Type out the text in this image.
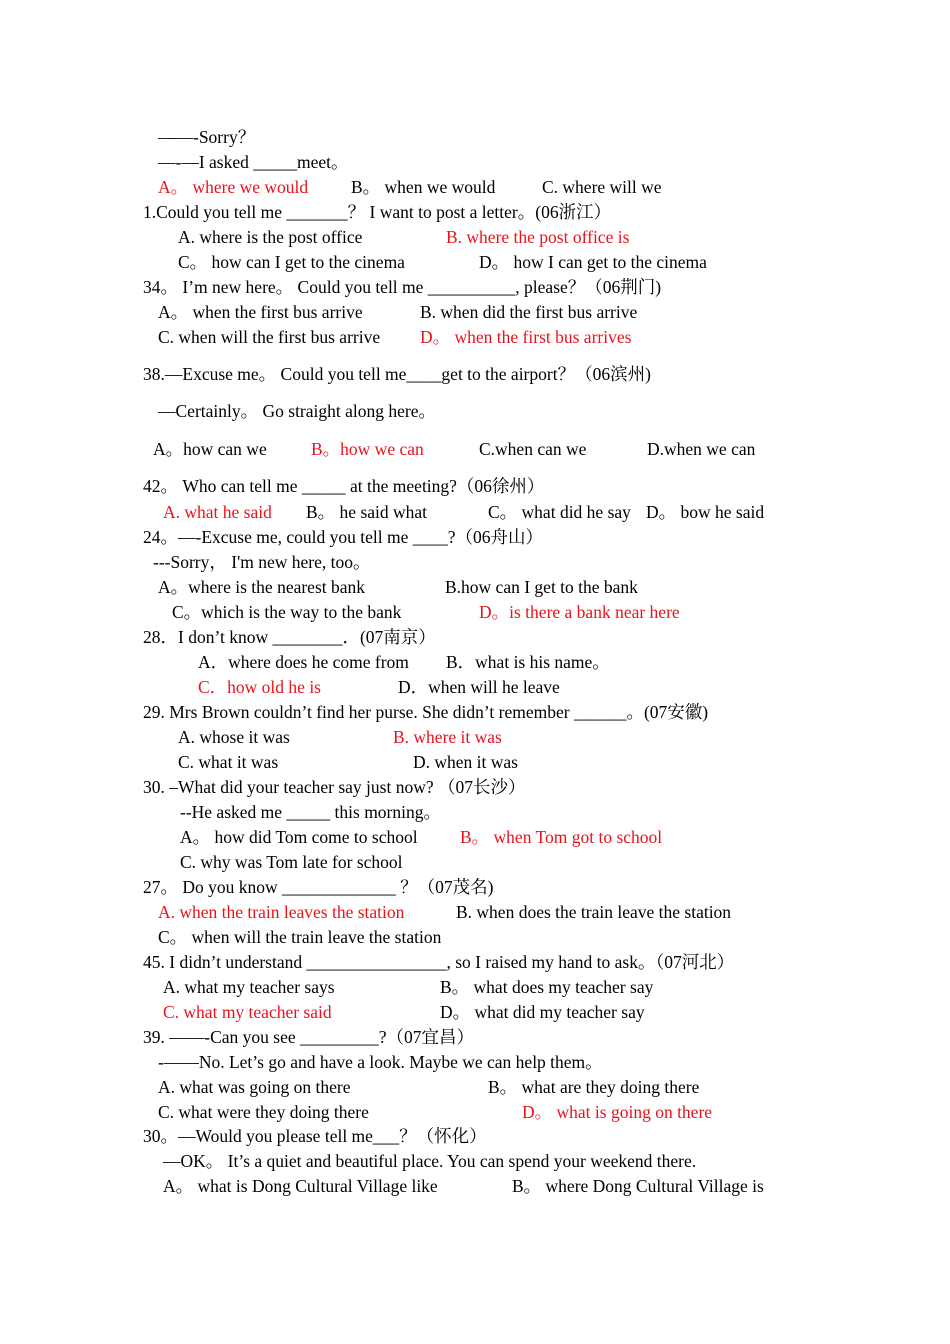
——-Sorry？
—-—I asked _____meet。

A。 where we would

B。 when we would

	C. where will we

1.Could you tell me _______？ I want to post a letter。(06浙江）

A. where is the post office

	B. where the post office is

C。 how can I get to the cinema

	D。 how I can get to the cinema

34。 I’m new here。 Could you tell me __________, please？（06荆门)

A。 when the first bus arrive

	B. when did the first bus arrive

C. when will the first bus arrive

D。 when the first bus arrives

38.—Excuse me。 Could you tell me____get to the airport？（06滨州)
—Certainly。 Go straight along here。

A。how can we

	B。how we can

	C.when can we

	D.when we can

42。 Who can tell me _____ at the meeting?（06徐州）

A. what he said

B。 he said what

	C。 what did he say

D。 bow he said

24。—-Excuse me, could you tell me ____?（06舟山）
---Sorry， I'm new here, too。

A。where is the nearest bank

	B.how can I get to the bank

C。which is the way to the bank

	D。is there a bank near here

28．I don’t know ________．(07南京）

A．where does he come from

B．what is his name。

C．how old he is

	D．when will he leave

29. Mrs Brown couldn’t find her purse. She didn’t remember ______。(07安徽)

A. whose it was

	B. where it was

C. what it was

	D. when it was

30. –What did your teacher say just now? （07长沙）
--He asked me _____ this morning。

A。 how did Tom come to school

B。 when Tom got to school

C. why was Tom late for school
27。 Do you know _____________ ？（07茂名)

A. when the train leaves the station

	B. when does the train leave the station

C。 when will the train leave the station
45. I didn’t understand ________________, so I raised my hand to ask。（07河北）

A. what my teacher says

	B。 what does my teacher say

C. what my teacher said

	D。 what did my teacher say

39. ——-Can you see _________?（07宜昌）
-——No. Let’s go and have a look. Maybe we can help them。

A. what was going on there

	B。 what are they doing there

C. what were they doing there

	D。 what is going on there

30。—Would you please tell me___？（怀化）
—OK。 It’s a quiet and beautiful place. You can spend your weekend there.

A。 what is Dong Cultural Village like

	B。 where Dong Cultural Village is
